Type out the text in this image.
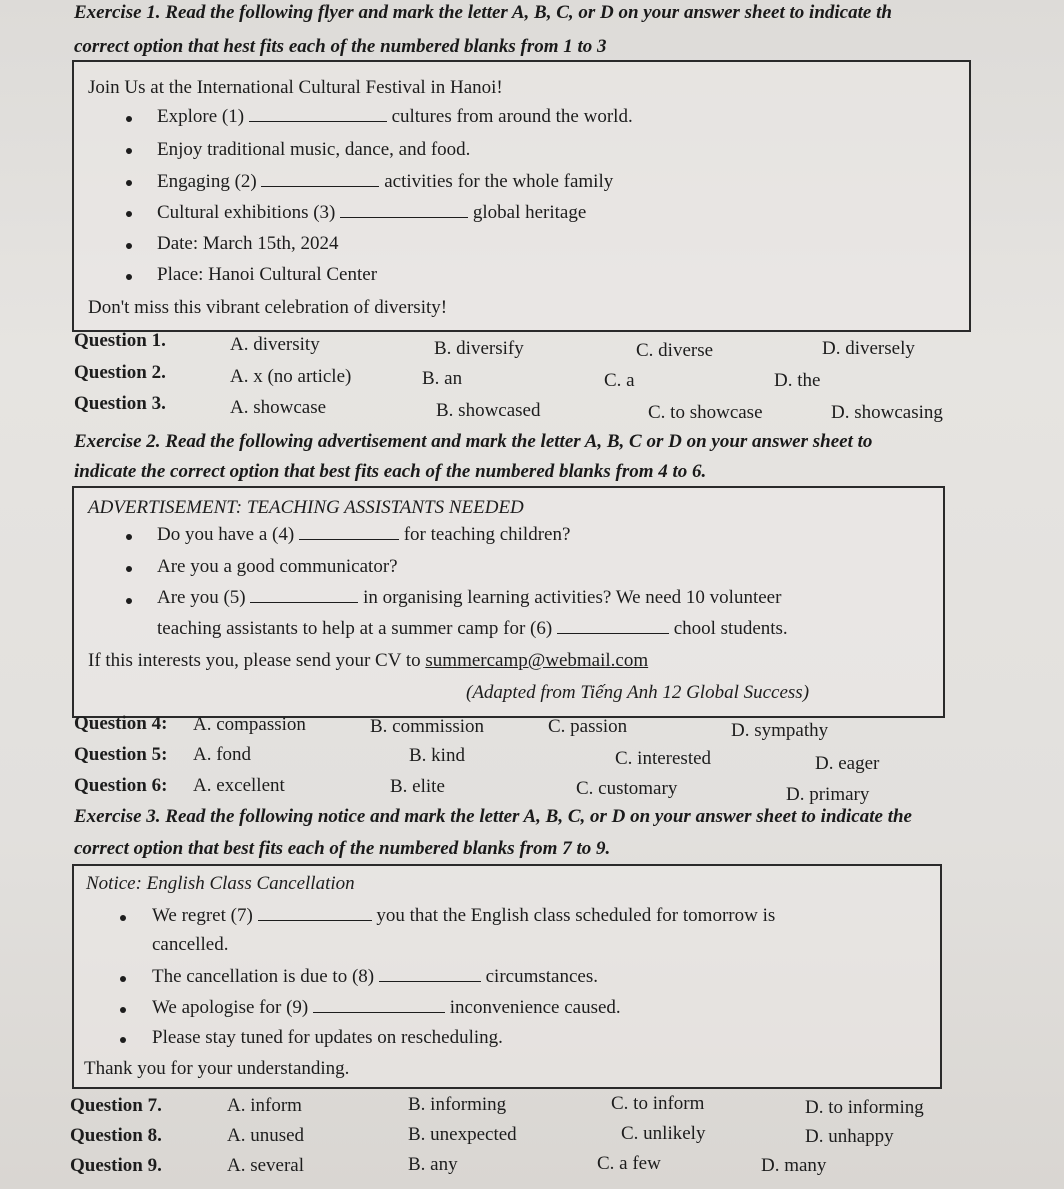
Exercise 1. Read the following flyer and mark the letter A, B, C, or D on your answer sheet to indicate th
correct option that hest fits each of the numbered blanks from 1 to 3
Join Us at the International Cultural Festival in Hanoi!
Explore (1)	cultures from around the world.
Enjoy traditional music, dance, and food.
Engaging (2)	activities for the whole family
Cultural exhibitions (3)	global heritage
Date: March 15th, 2024
Place: Hanoi Cultural Center
Don't miss this vibrant celebration of diversity!
Question 1.	A. diversity	B. diversify	C. diverse	D. diversely
Question 2.	A. x (no article)	B. an	C. a	D. the
Question 3.	A. showcase	B. showcased	C. to showcase	D. showcasing
Exercise 2. Read the following advertisement and mark the letter A, B, C or D on your answer sheet to
indicate the correct option that best fits each of the numbered blanks from 4 to 6.
ADVERTISEMENT: TEACHING ASSISTANTS NEEDED
Do you have a (4)	for teaching children?
Are you a good communicator?
Are you (5)	in organising learning activities? We need 10 volunteer
teaching assistants to help at a summer camp for (6)	chool students.
If this interests you, please send your CV to summercamp@webmail.com
(Adapted from Tiếng Anh 12 Global Success)
Question 4: A. compassion	B. commission	C. passion	D. sympathy
Question 5: A. fond	B. kind	C. interested	D. eager
Question 6: A. excellent	B. elite	C. customary	D. primary
Exercise 3. Read the following notice and mark the letter A, B, C, or D on your answer sheet to indicate the
correct option that best fits each of the numbered blanks from 7 to 9.
Notice: English Class Cancellation
We regret (7)	you that the English class scheduled for tomorrow is
cancelled.
The cancellation is due to (8)	circumstances.
We apologise for (9)	inconvenience caused.
Please stay tuned for updates on rescheduling.
Thank you for your understanding.
Question 7.	A. inform	B. informing	C. to inform	D. to informing
Question 8.	A. unused	B. unexpected	C. unlikely	D. unhappy
Question 9.	A. several	B. any	C. a few	D. many
